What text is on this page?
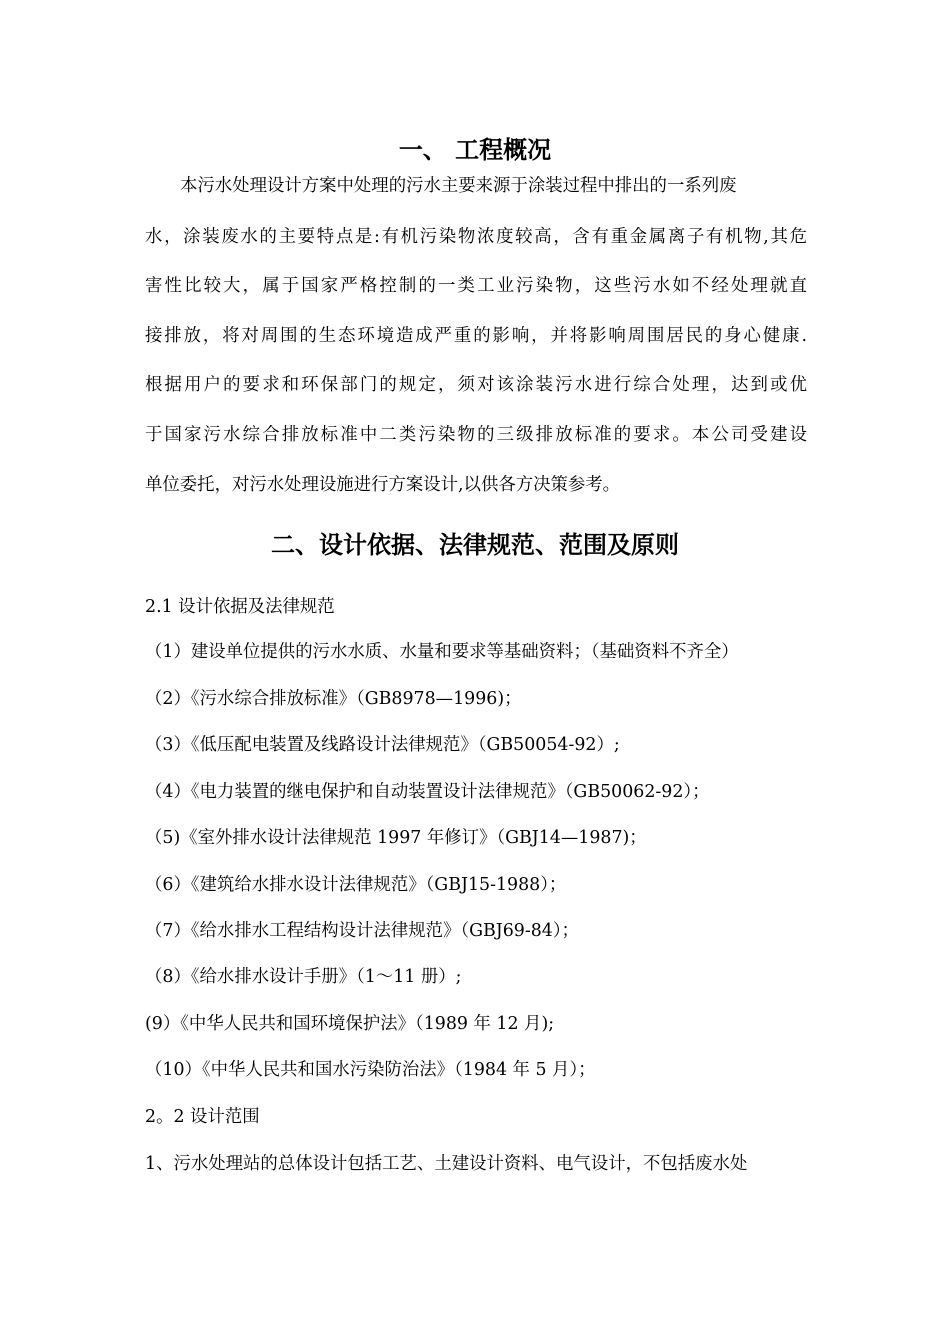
一、 工程概况
本污水处理设计方案中处理的污水主要来源于涂装过程中排出的一系列废
水，涂装废水的主要特点是:有机污染物浓度较高，含有重金属离子有机物,其危
害性比较大，属于国家严格控制的一类工业污染物，这些污水如不经处理就直
接排放，将对周围的生态环境造成严重的影响，并将影响周围居民的身心健康.
根据用户的要求和环保部门的规定，须对该涂装污水进行综合处理，达到或优
于国家污水综合排放标准中二类污染物的三级排放标准的要求。本公司受建设
单位委托，对污水处理设施进行方案设计,以供各方决策参考。
二、设计依据、法律规范、范围及原则
2.1 设计依据及法律规范
（1）建设单位提供的污水水质、水量和要求等基础资料；（基础资料不齐全）
（2）《污水综合排放标准》（GB8978—1996)；
（3）《低压配电装置及线路设计法律规范》（GB50054-92）;
（4）《电力装置的继电保护和自动装置设计法律规范》（GB50062-92）；
（5)《室外排水设计法律规范 1997 年修订》（GBJ14—1987)；
（6）《建筑给水排水设计法律规范》（GBJ15-1988）；
（7）《给水排水工程结构设计法律规范》（GBJ69-84）；
（8）《给水排水设计手册》（1～11 册）;
(9）《中华人民共和国环境保护法》（1989 年 12 月);
（10）《中华人民共和国水污染防治法》（1984 年 5 月）；
2。2 设计范围
1、污水处理站的总体设计包括工艺、土建设计资料、电气设计，不包括废水处
